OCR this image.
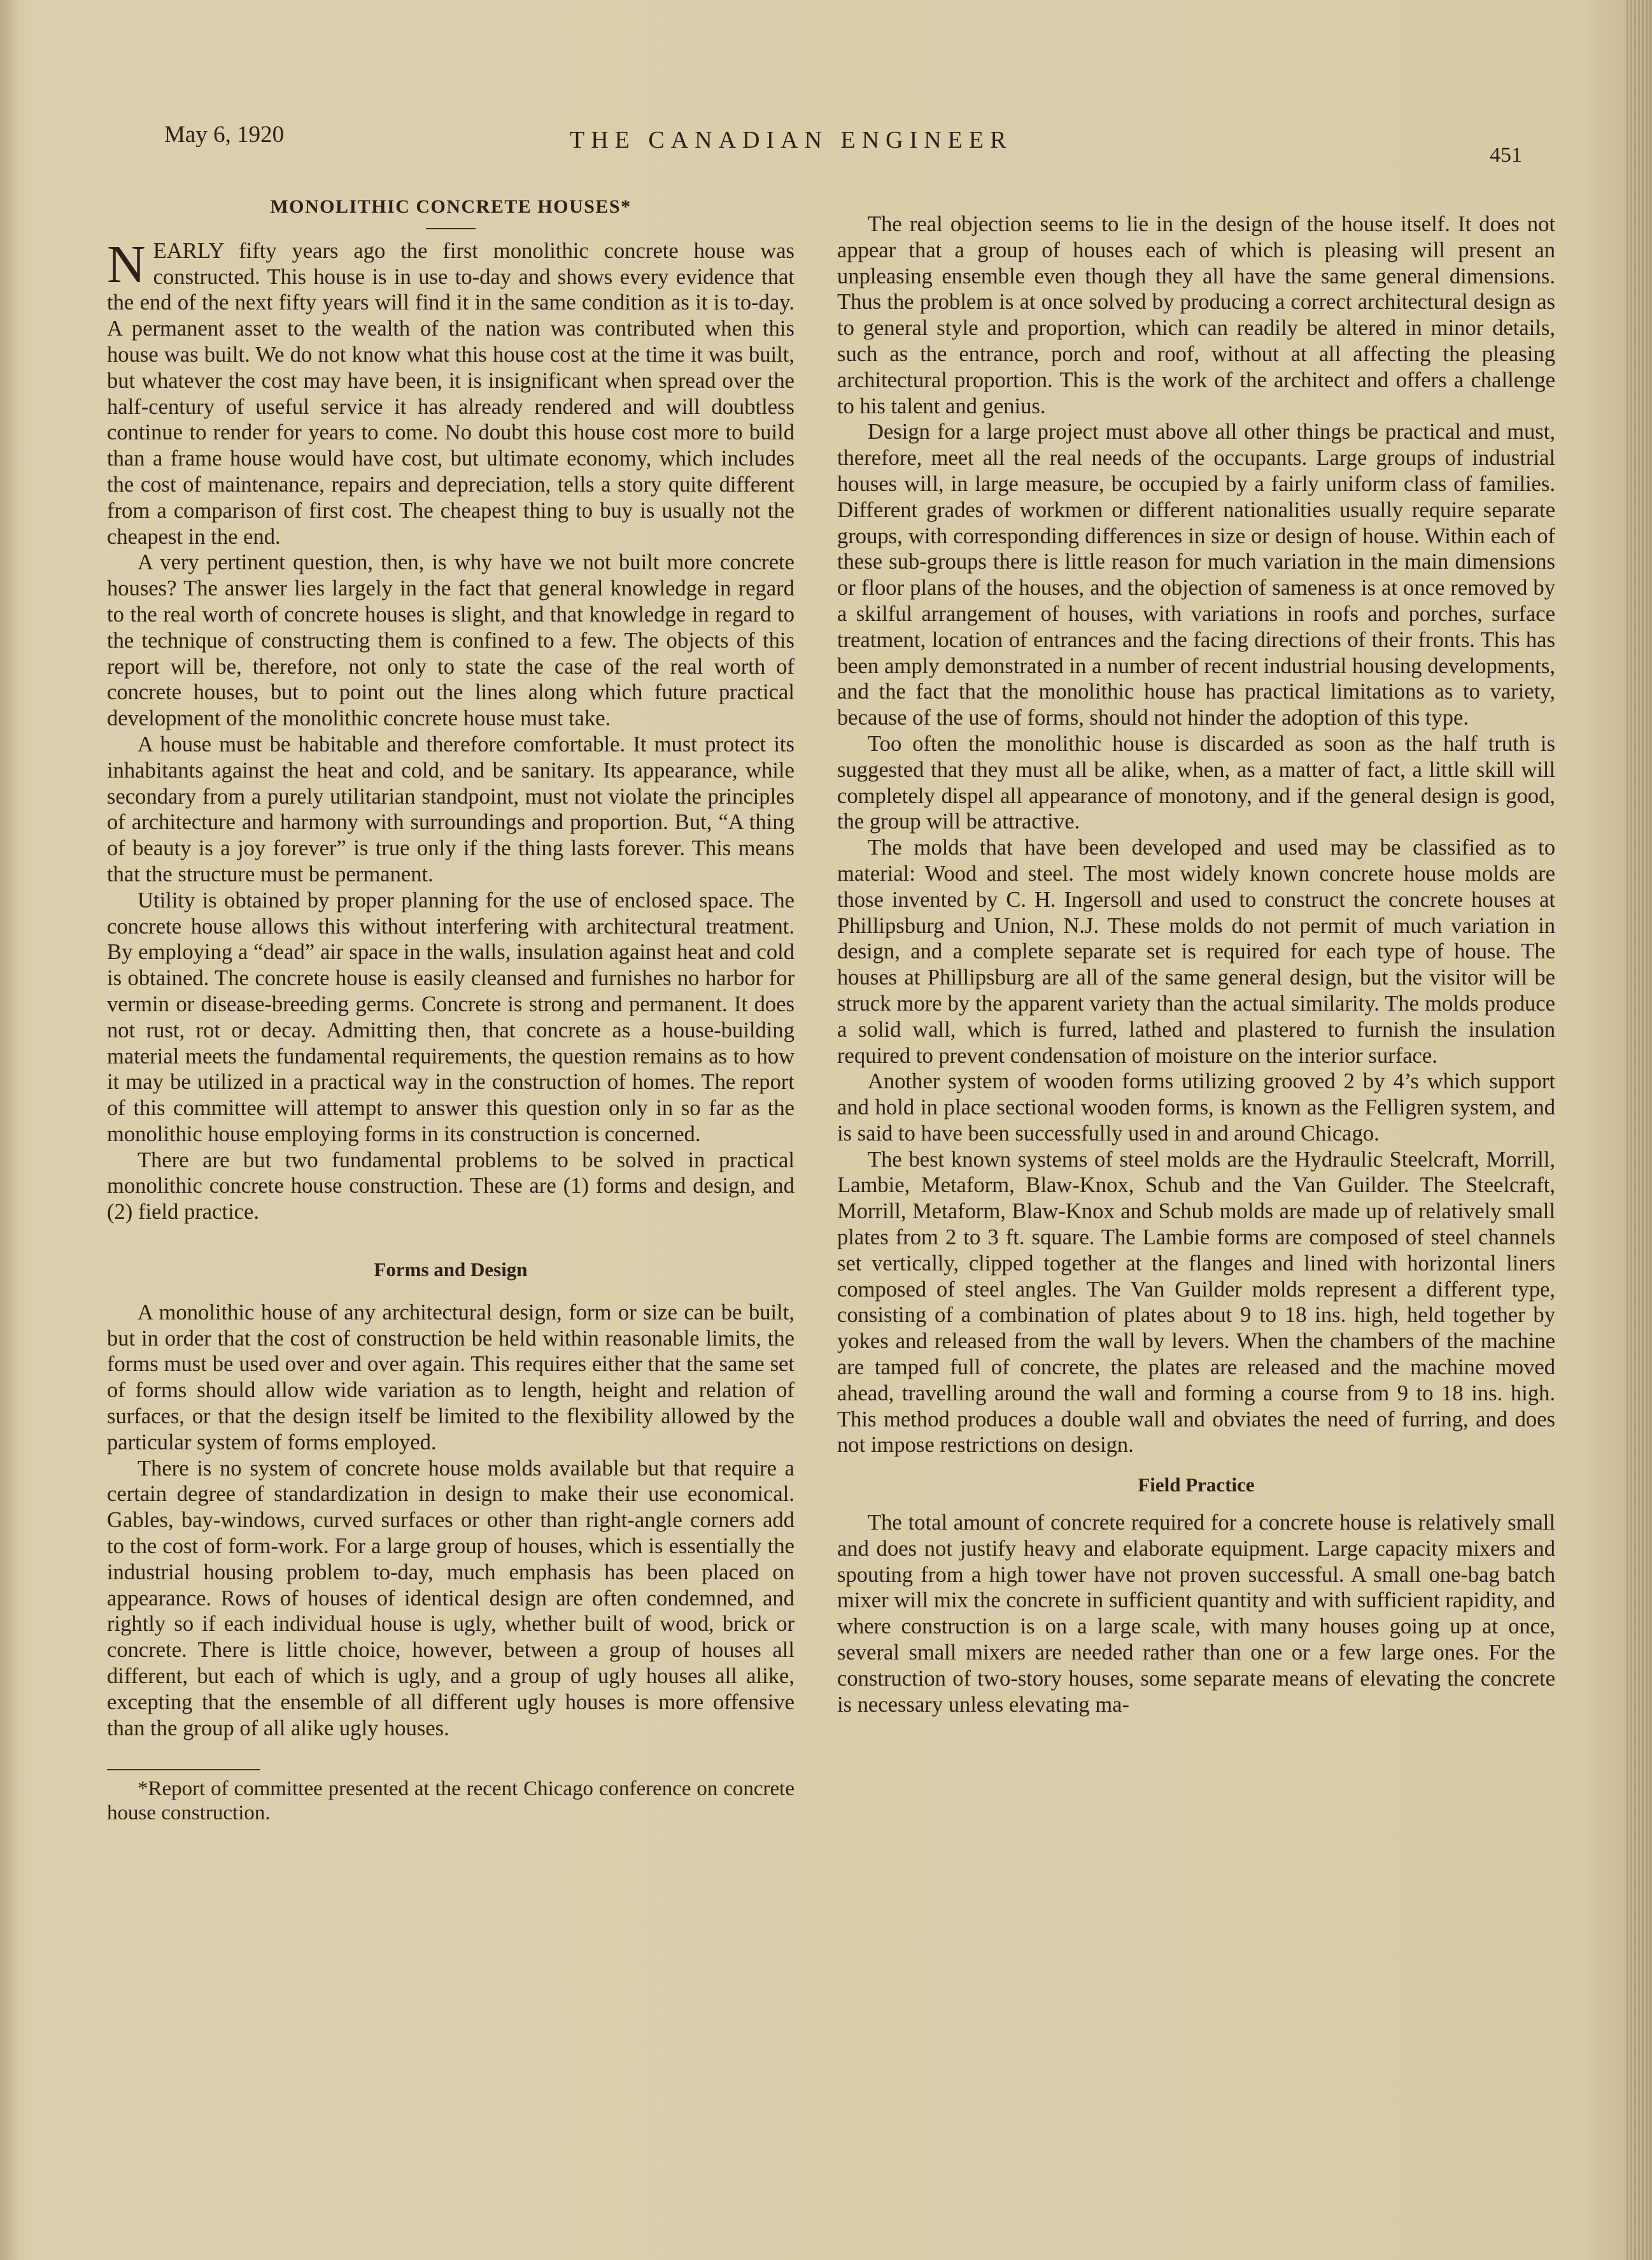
May 6, 1920	THE CANADIAN ENGINEER
451
MONOLITHIC CONCRETE HOUSES*

NEARLY fifty years ago the first monolithic concrete house was constructed. This house is in use to-day and shows every evidence that the end of the next fifty years will find it in the same condition as it is to-day. A permanent asset to the wealth of the nation was contributed when this house was built. We do not know what this house cost at the time it was built, but whatever the cost may have been, it is insignificant when spread over the half-century of useful service it has already rendered and will doubtless continue to render for years to come. No doubt this house cost more to build than a frame house would have cost, but ultimate economy, which includes the cost of maintenance, repairs and depreciation, tells a story quite different from a comparison of first cost. The cheapest thing to buy is usually not the cheapest in the end.

A very pertinent question, then, is why have we not built more concrete houses? The answer lies largely in the fact that general knowledge in regard to the real worth of concrete houses is slight, and that knowledge in regard to the technique of constructing them is confined to a few. The objects of this report will be, therefore, not only to state the case of the real worth of concrete houses, but to point out the lines along which future practical development of the monolithic concrete house must take.

A house must be habitable and therefore comfortable. It must protect its inhabitants against the heat and cold, and be sanitary. Its appearance, while secondary from a purely utilitarian standpoint, must not violate the principles of architecture and harmony with surroundings and proportion. But, “A thing of beauty is a joy forever” is true only if the thing lasts forever. This means that the structure must be permanent.

Utility is obtained by proper planning for the use of enclosed space. The concrete house allows this without interfering with architectural treatment. By employing a “dead” air space in the walls, insulation against heat and cold is obtained. The concrete house is easily cleansed and furnishes no harbor for vermin or disease-breeding germs. Concrete is strong and permanent. It does not rust, rot or decay. Admitting then, that concrete as a house-building material meets the fundamental requirements, the question remains as to how it may be utilized in a practical way in the construction of homes. The report of this committee will attempt to answer this question only in so far as the monolithic house employing forms in its construction is concerned.

There are but two fundamental problems to be solved in practical monolithic concrete house construction. These are (1) forms and design, and (2) field practice.

Forms and Design

A monolithic house of any architectural design, form or size can be built, but in order that the cost of construction be held within reasonable limits, the forms must be used over and over again. This requires either that the same set of forms should allow wide variation as to length, height and relation of surfaces, or that the design itself be limited to the flexibility allowed by the particular system of forms employed.

There is no system of concrete house molds available but that require a certain degree of standardization in design to make their use economical. Gables, bay-windows, curved surfaces or other than right-angle corners add to the cost of form-work. For a large group of houses, which is essentially the industrial housing problem to-day, much emphasis has been placed on appearance. Rows of houses of identical design are often condemned, and rightly so if each individual house is ugly, whether built of wood, brick or concrete. There is little choice, however, between a group of houses all different, but each of which is ugly, and a group of ugly houses all alike, excepting that the ensemble of all different ugly houses is more offensive than the group of all alike ugly houses.

*Report of committee presented at the recent Chicago conference on concrete house construction.

The real objection seems to lie in the design of the house itself. It does not appear that a group of houses each of which is pleasing will present an unpleasing ensemble even though they all have the same general dimensions. Thus the problem is at once solved by producing a correct architectural design as to general style and proportion, which can readily be altered in minor details, such as the entrance, porch and roof, without at all affecting the pleasing architectural proportion. This is the work of the architect and offers a challenge to his talent and genius.

Design for a large project must above all other things be practical and must, therefore, meet all the real needs of the occupants. Large groups of industrial houses will, in large measure, be occupied by a fairly uniform class of families. Different grades of workmen or different nationalities usually require separate groups, with corresponding differences in size or design of house. Within each of these sub-groups there is little reason for much variation in the main dimensions or floor plans of the houses, and the objection of sameness is at once removed by a skilful arrangement of houses, with variations in roofs and porches, surface treatment, location of entrances and the facing directions of their fronts. This has been amply demonstrated in a number of recent industrial housing developments, and the fact that the monolithic house has practical limitations as to variety, because of the use of forms, should not hinder the adoption of this type.

Too often the monolithic house is discarded as soon as the half truth is suggested that they must all be alike, when, as a matter of fact, a little skill will completely dispel all appearance of monotony, and if the general design is good, the group will be attractive.

The molds that have been developed and used may be classified as to material: Wood and steel. The most widely known concrete house molds are those invented by C. H. Ingersoll and used to construct the concrete houses at Phillipsburg and Union, N.J. These molds do not permit of much variation in design, and a complete separate set is required for each type of house. The houses at Phillipsburg are all of the same general design, but the visitor will be struck more by the apparent variety than the actual similarity. The molds produce a solid wall, which is furred, lathed and plastered to furnish the insulation required to prevent condensation of moisture on the interior surface.

Another system of wooden forms utilizing grooved 2 by 4’s which support and hold in place sectional wooden forms, is known as the Felligren system, and is said to have been successfully used in and around Chicago.

The best known systems of steel molds are the Hydraulic Steelcraft, Morrill, Lambie, Metaform, Blaw-Knox, Schub and the Van Guilder. The Steelcraft, Morrill, Metaform, Blaw-Knox and Schub molds are made up of relatively small plates from 2 to 3 ft. square. The Lambie forms are composed of steel channels set vertically, clipped together at the flanges and lined with horizontal liners composed of steel angles. The Van Guilder molds represent a different type, consisting of a combination of plates about 9 to 18 ins. high, held together by yokes and released from the wall by levers. When the chambers of the machine are tamped full of concrete, the plates are released and the machine moved ahead, travelling around the wall and forming a course from 9 to 18 ins. high. This method produces a double wall and obviates the need of furring, and does not impose restrictions on design.

Field Practice

The total amount of concrete required for a concrete house is relatively small and does not justify heavy and elaborate equipment. Large capacity mixers and spouting from a high tower have not proven successful. A small one-bag batch mixer will mix the concrete in sufficient quantity and with sufficient rapidity, and where construction is on a large scale, with many houses going up at once, several small mixers are needed rather than one or a few large ones. For the construction of two-story houses, some separate means of elevating the concrete is necessary unless elevating ma-
